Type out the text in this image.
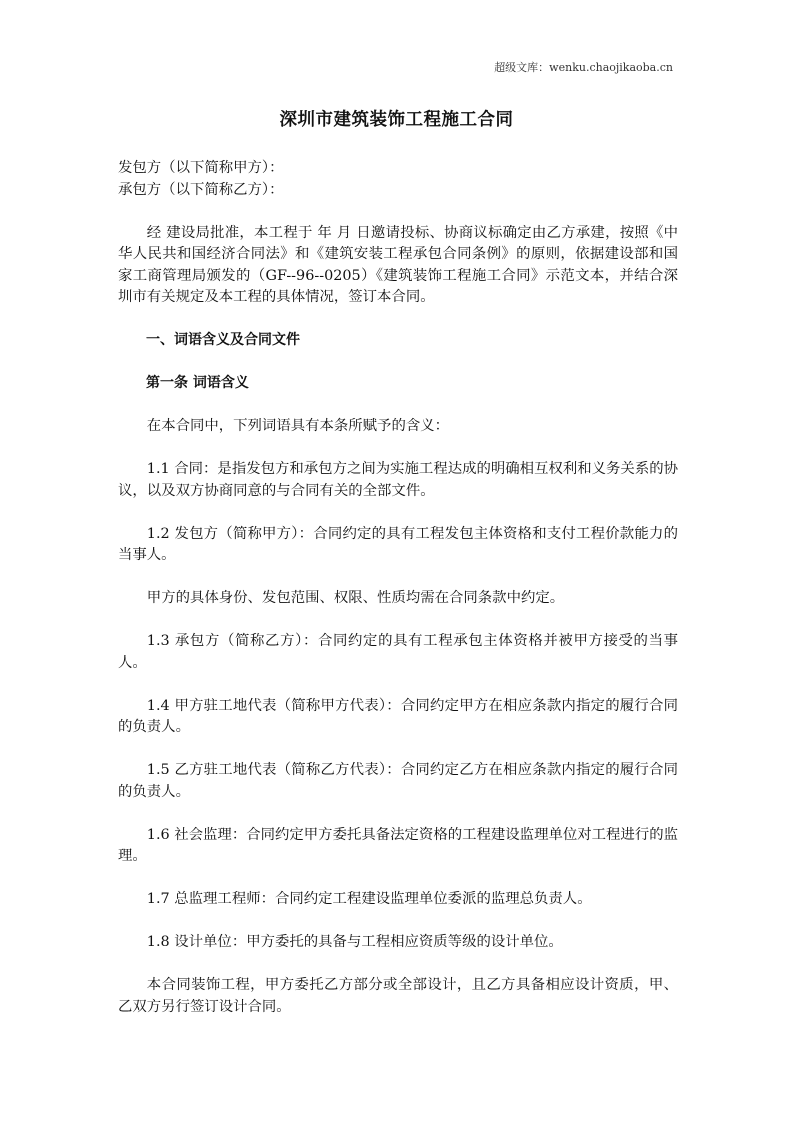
超级文库：wenku.chaojikaoba.cn
深圳市建筑装饰工程施工合同

发包方（以下简称甲方）：

承包方（以下简称乙方）：

经 建设局批准，本工程于 年 月 日邀请投标、协商议标确定由乙方承建，按照《中华人民共和国经济合同法》和《建筑安装工程承包合同条例》的原则，依据建设部和国家工商管理局颁发的（GF--96--0205）《建筑装饰工程施工合同》示范文本，并结合深圳市有关规定及本工程的具体情况，签订本合同。

一、词语含义及合同文件

第一条 词语含义

在本合同中，下列词语具有本条所赋予的含义：

1.1 合同：是指发包方和承包方之间为实施工程达成的明确相互权利和义务关系的协议，以及双方协商同意的与合同有关的全部文件。

1.2 发包方（简称甲方）：合同约定的具有工程发包主体资格和支付工程价款能力的当事人。

甲方的具体身份、发包范围、权限、性质均需在合同条款中约定。

1.3 承包方（简称乙方）：合同约定的具有工程承包主体资格并被甲方接受的当事人。

1.4 甲方驻工地代表（简称甲方代表）：合同约定甲方在相应条款内指定的履行合同的负责人。

1.5 乙方驻工地代表（简称乙方代表）：合同约定乙方在相应条款内指定的履行合同的负责人。

1.6 社会监理：合同约定甲方委托具备法定资格的工程建设监理单位对工程进行的监理。

1.7 总监理工程师：合同约定工程建设监理单位委派的监理总负责人。

1.8 设计单位：甲方委托的具备与工程相应资质等级的设计单位。

本合同装饰工程，甲方委托乙方部分或全部设计，且乙方具备相应设计资质，甲、乙双方另行签订设计合同。
